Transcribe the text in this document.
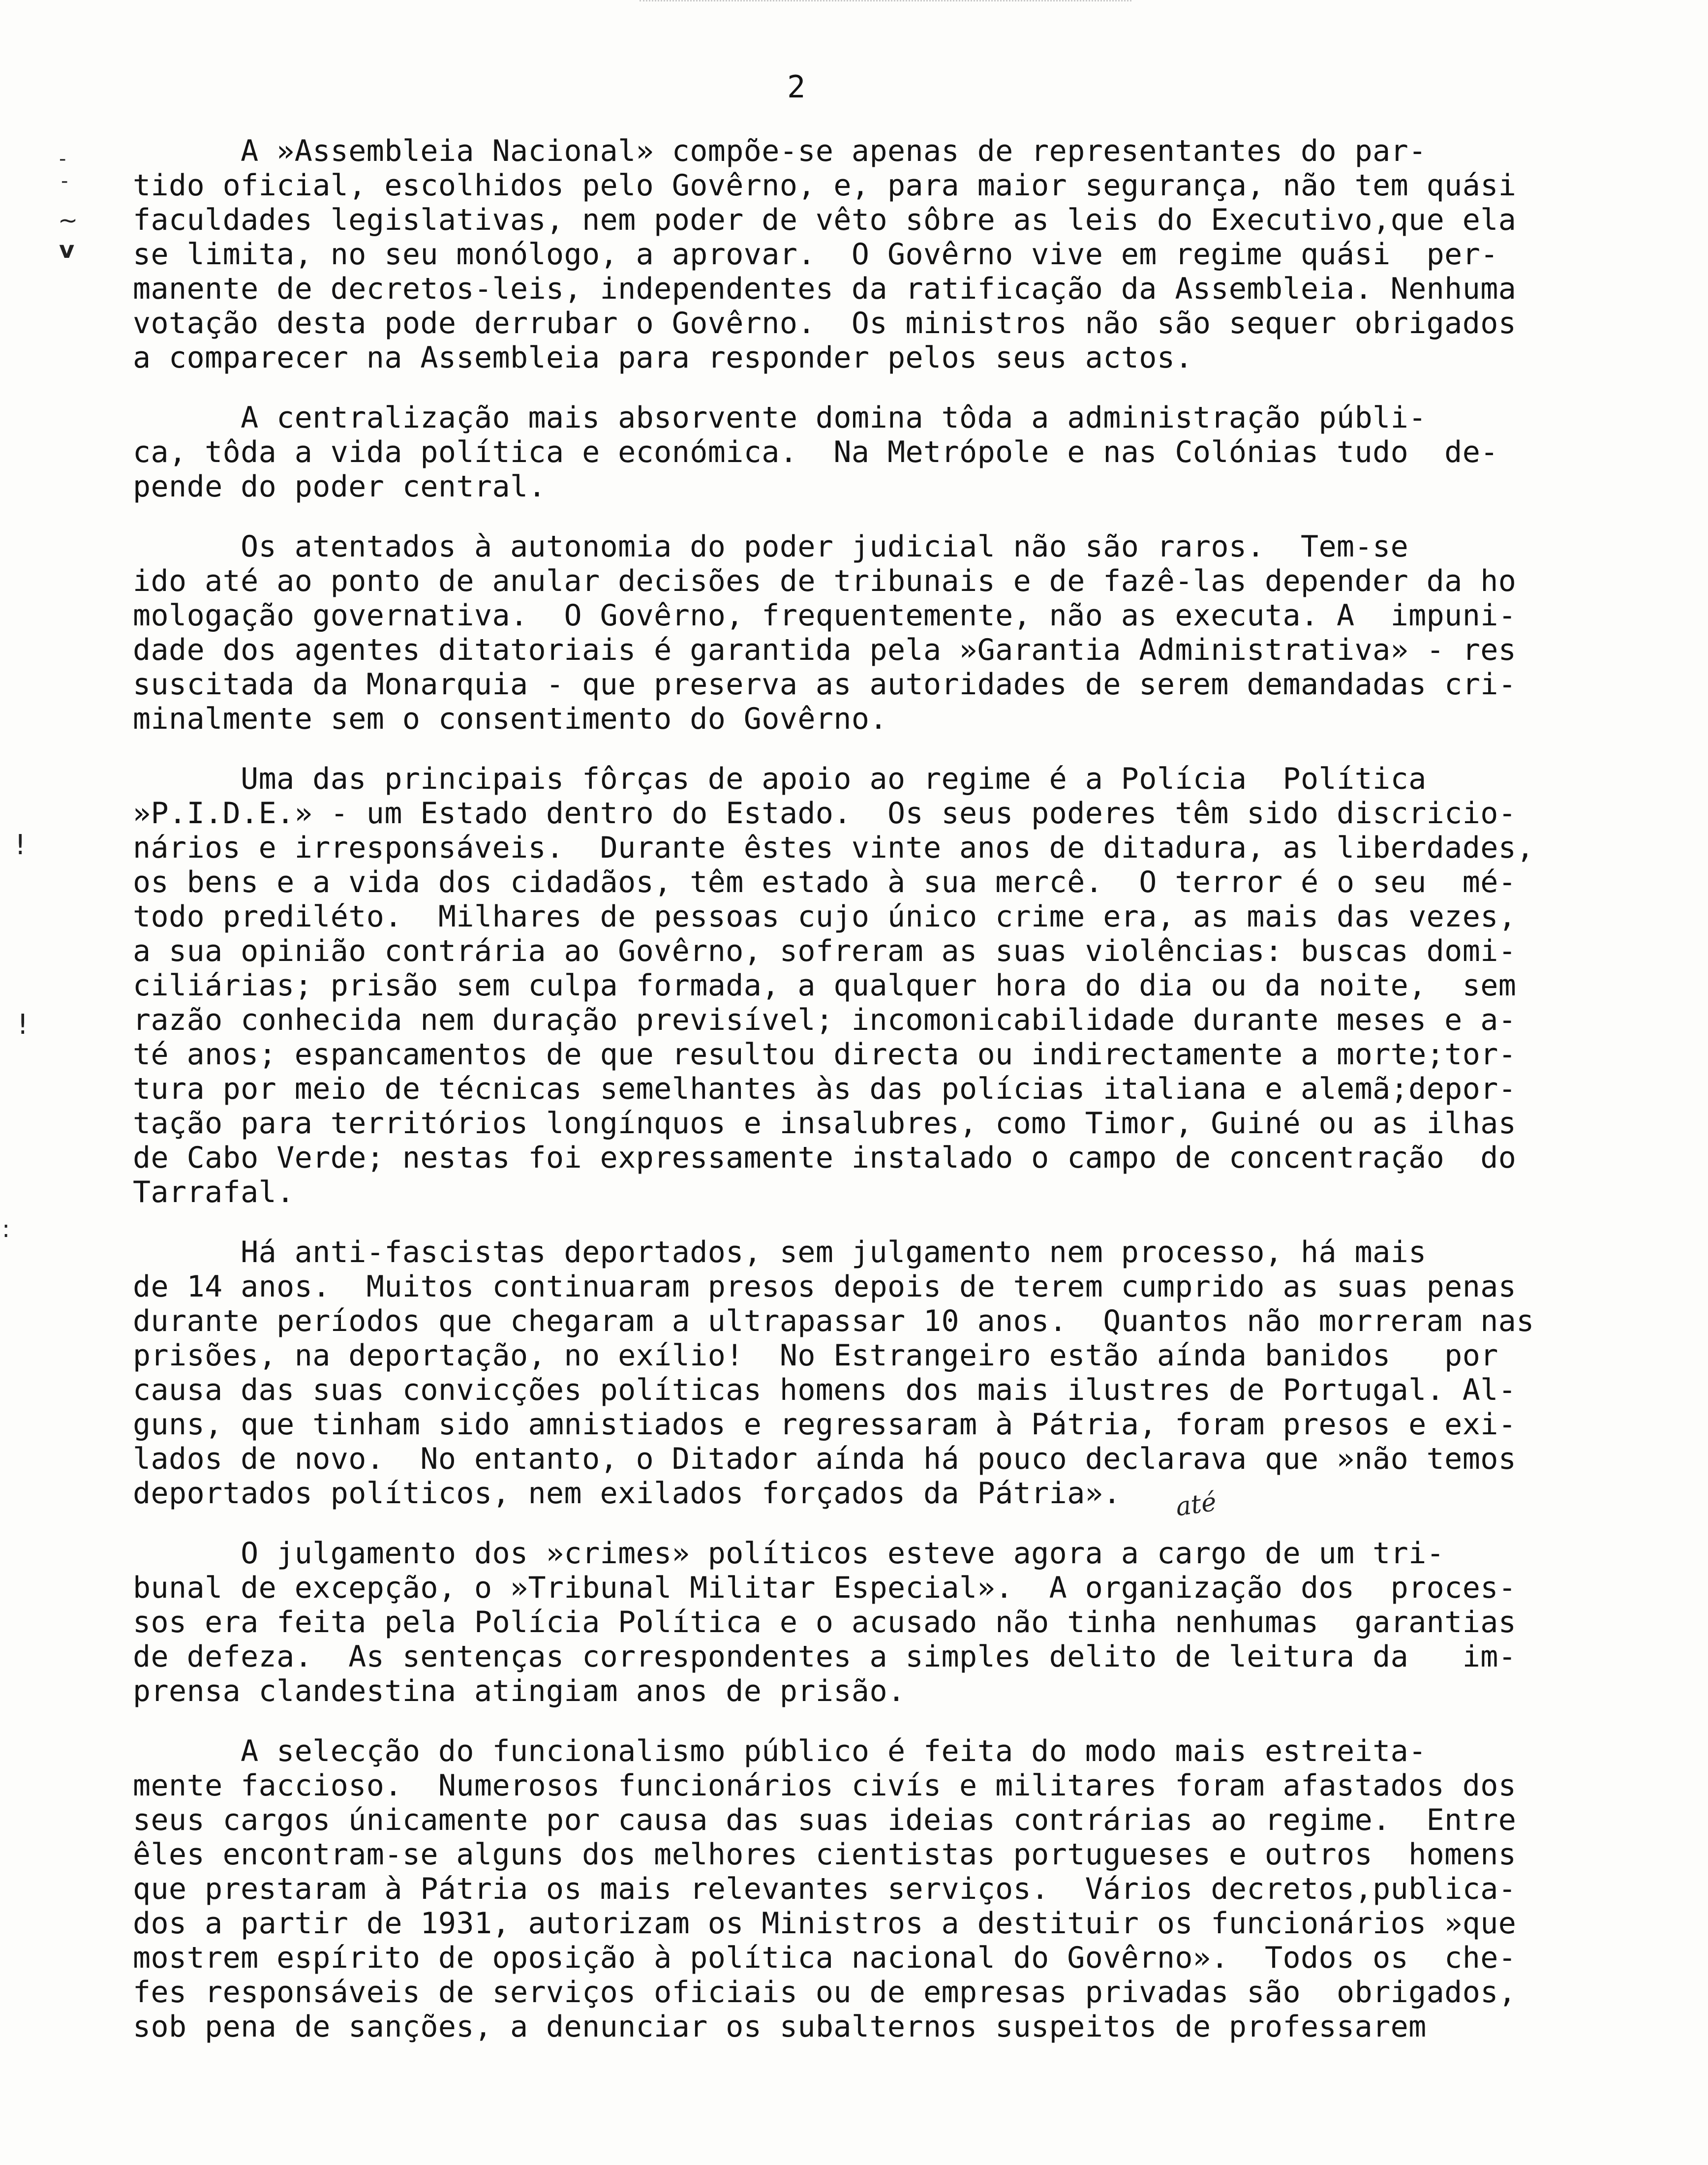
2
-
-
~
v
!
!
:
até
A »Assembleia Nacional» compõe-se apenas de representantes do par-
tido oficial, escolhidos pelo Govêrno, e, para maior segurança, não tem quási
faculdades legislativas, nem poder de vêto sôbre as leis do Executivo,que ela
se limita, no seu monólogo, a aprovar.  O Govêrno vive em regime quási  per-
manente de decretos-leis, independentes da ratificação da Assembleia. Nenhuma
votação desta pode derrubar o Govêrno.  Os ministros não são sequer obrigados
a comparecer na Assembleia para responder pelos seus actos.
A centralização mais absorvente domina tôda a administração públi-
ca, tôda a vida política e económica.  Na Metrópole e nas Colónias tudo  de-
pende do poder central.
Os atentados à autonomia do poder judicial não são raros.  Tem-se
ido até ao ponto de anular decisões de tribunais e de fazê-las depender da ho
mologação governativa.  O Govêrno, frequentemente, não as executa. A  impuni-
dade dos agentes ditatoriais é garantida pela »Garantia Administrativa» - res
suscitada da Monarquia - que preserva as autoridades de serem demandadas cri-
minalmente sem o consentimento do Govêrno.
Uma das principais fôrças de apoio ao regime é a Polícia  Política
»P.I.D.E.» - um Estado dentro do Estado.  Os seus poderes têm sido discricio-
nários e irresponsáveis.  Durante êstes vinte anos de ditadura, as liberdades,
os bens e a vida dos cidadãos, têm estado à sua mercê.  O terror é o seu  mé-
todo prediléto.  Milhares de pessoas cujo único crime era, as mais das vezes,
a sua opinião contrária ao Govêrno, sofreram as suas violências: buscas domi-
ciliárias; prisão sem culpa formada, a qualquer hora do dia ou da noite,  sem
razão conhecida nem duração previsível; incomonicabilidade durante meses e a-
té anos; espancamentos de que resultou directa ou indirectamente a morte;tor-
tura por meio de técnicas semelhantes às das polícias italiana e alemã;depor-
tação para territórios longínquos e insalubres, como Timor, Guiné ou as ilhas
de Cabo Verde; nestas foi expressamente instalado o campo de concentração  do
Tarrafal.
Há anti-fascistas deportados, sem julgamento nem processo, há mais
de 14 anos.  Muitos continuaram presos depois de terem cumprido as suas penas
durante períodos que chegaram a ultrapassar 10 anos.  Quantos não morreram nas
prisões, na deportação, no exílio!  No Estrangeiro estão aínda banidos   por
causa das suas convicções políticas homens dos mais ilustres de Portugal. Al-
guns, que tinham sido amnistiados e regressaram à Pátria, foram presos e exi-
lados de novo.  No entanto, o Ditador aínda há pouco declarava que »não temos
deportados políticos, nem exilados forçados da Pátria».
O julgamento dos »crimes» políticos esteve agora a cargo de um tri-
bunal de excepção, o »Tribunal Militar Especial».  A organização dos  proces-
sos era feita pela Polícia Política e o acusado não tinha nenhumas  garantias
de defeza.  As sentenças correspondentes a simples delito de leitura da   im-
prensa clandestina atingiam anos de prisão.
A selecção do funcionalismo público é feita do modo mais estreita-
mente faccioso.  Numerosos funcionários civís e militares foram afastados dos
seus cargos únicamente por causa das suas ideias contrárias ao regime.  Entre
êles encontram-se alguns dos melhores cientistas portugueses e outros  homens
que prestaram à Pátria os mais relevantes serviços.  Vários decretos,publica-
dos a partir de 1931, autorizam os Ministros a destituir os funcionários »que
mostrem espírito de oposição à política nacional do Govêrno».  Todos os  che-
fes responsáveis de serviços oficiais ou de empresas privadas são  obrigados,
sob pena de sanções, a denunciar os subalternos suspeitos de professarem
